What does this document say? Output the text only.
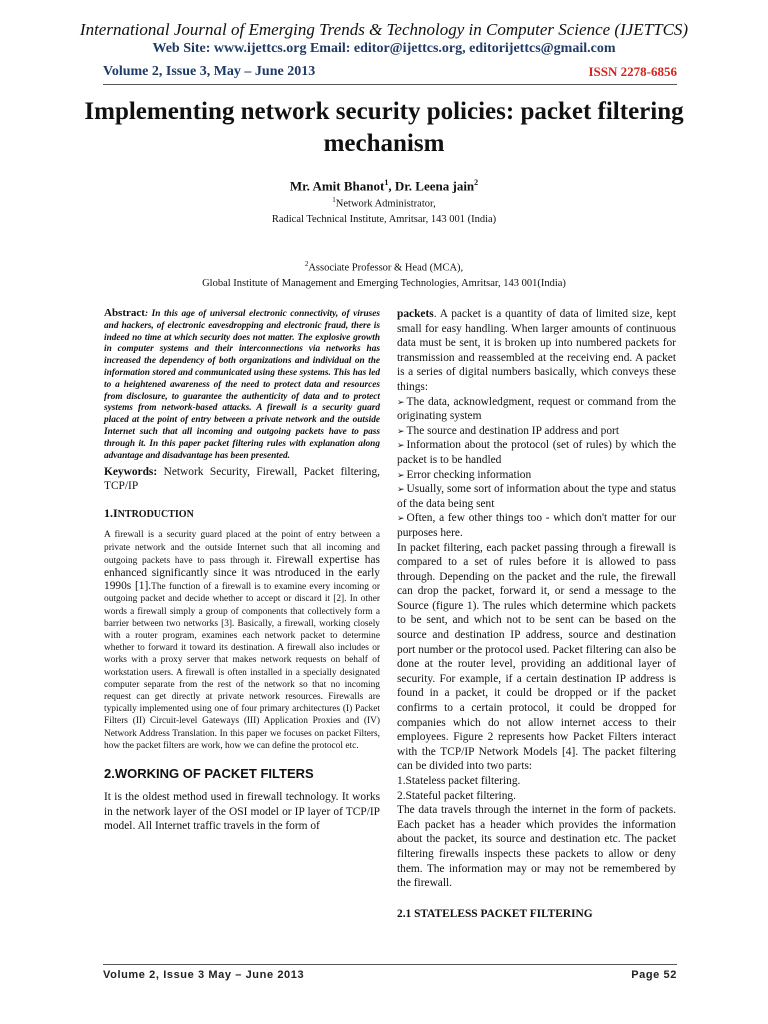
International Journal of Emerging Trends & Technology in Computer Science (IJETTCS)
Web Site: www.ijettcs.org Email: editor@ijettcs.org, editorijettcs@gmail.com
Volume 2, Issue 3, May – June 2013	ISSN 2278-6856
Implementing network security policies: packet filtering mechanism
Mr. Amit Bhanot$^1$, Dr. Leena jain$^2$
$^1$Network Administrator,
Radical Technical Institute, Amritsar, 143 001 (India)
$^2$Associate Professor & Head (MCA),
Global Institute of Management and Emerging Technologies, Amritsar, 143 001(India)

Abstract: In this age of universal electronic connectivity, of viruses and hackers, of electronic eavesdropping and electronic fraud, there is indeed no time at which security does not matter. The explosive growth in computer systems and their interconnections via networks has increased the dependency of both organizations and individual on the information stored and communicated using these systems. This has led to a heightened awareness of the need to protect data and resources from disclosure, to guarantee the authenticity of data and to protect systems from network-based attacks. A firewall is a security guard placed at the point of entry between a private network and the outside Internet such that all incoming and outgoing packets have to pass through it. In this paper packet filtering rules with explanation along advantage and disadvantage has been presented.

Keywords: Network Security, Firewall, Packet filtering, TCP/IP

1.INTRODUCTION

A firewall is a security guard placed at the point of entry between a private network and the outside Internet such that all incoming and outgoing packets have to pass through it. Firewall expertise has enhanced significantly since it was ntroduced in the early 1990s [1].The function of a firewall is to examine every incoming or outgoing packet and decide whether to accept or discard it [2]. In other words a firewall simply a group of components that collectively form a barrier between two networks [3]. Basically, a firewall, working closely with a router program, examines each network packet to determine whether to forward it toward its destination. A firewall also includes or works with a proxy server that makes network requests on behalf of workstation users. A firewall is often installed in a specially designated computer separate from the rest of the network so that no incoming request can get directly at private network resources. Firewalls are typically implemented using one of four primary architectures (I) Packet Filters (II) Circuit-level Gateways (III) Application Proxies and (IV) Network Address Translation. In this paper we focuses on packet Filters, how the packet filters are work, how we can define the protocol etc.

2.WORKING OF PACKET FILTERS

It is the oldest method used in firewall technology. It works in the network layer of the OSI model or IP layer of TCP/IP model. All Internet traffic travels in the form of

packets. A packet is a quantity of data of limited size, kept small for easy handling. When larger amounts of continuous data must be sent, it is broken up into numbered packets for transmission and reassembled at the receiving end. A packet is a series of digital numbers basically, which conveys these things:

➢ The data, acknowledgment, request or command from the originating system
➢ The source and destination IP address and port
➢ Information about the protocol (set of rules) by which the packet is to be handled
➢ Error checking information
➢ Usually, some sort of information about the type and status of the data being sent
➢ Often, a few other things too - which don't matter for our purposes here.

In packet filtering, each packet passing through a firewall is compared to a set of rules before it is allowed to pass through. Depending on the packet and the rule, the firewall can drop the packet, forward it, or send a message to the Source (figure 1). The rules which determine which packets to be sent, and which not to be sent can be based on the source and destination IP address, source and destination port number or the protocol used. Packet filtering can also be done at the router level, providing an additional layer of security. For example, if a certain destination IP address is found in a packet, it could be dropped or if the packet confirms to a certain protocol, it could be dropped for companies which do not allow internet access to their employees. Figure 2 represents how Packet Filters interact with the TCP/IP Network Models [4]. The packet filtering can be divided into two parts:

1.Stateless packet filtering.
2.Stateful packet filtering.

The data travels through the internet in the form of packets. Each packet has a header which provides the information about the packet, its source and destination etc. The packet filtering firewalls inspects these packets to allow or deny them. The information may or may not be remembered by the firewall.

2.1 STATELESS PACKET FILTERING
Volume 2, Issue 3 May – June 2013	Page 52
